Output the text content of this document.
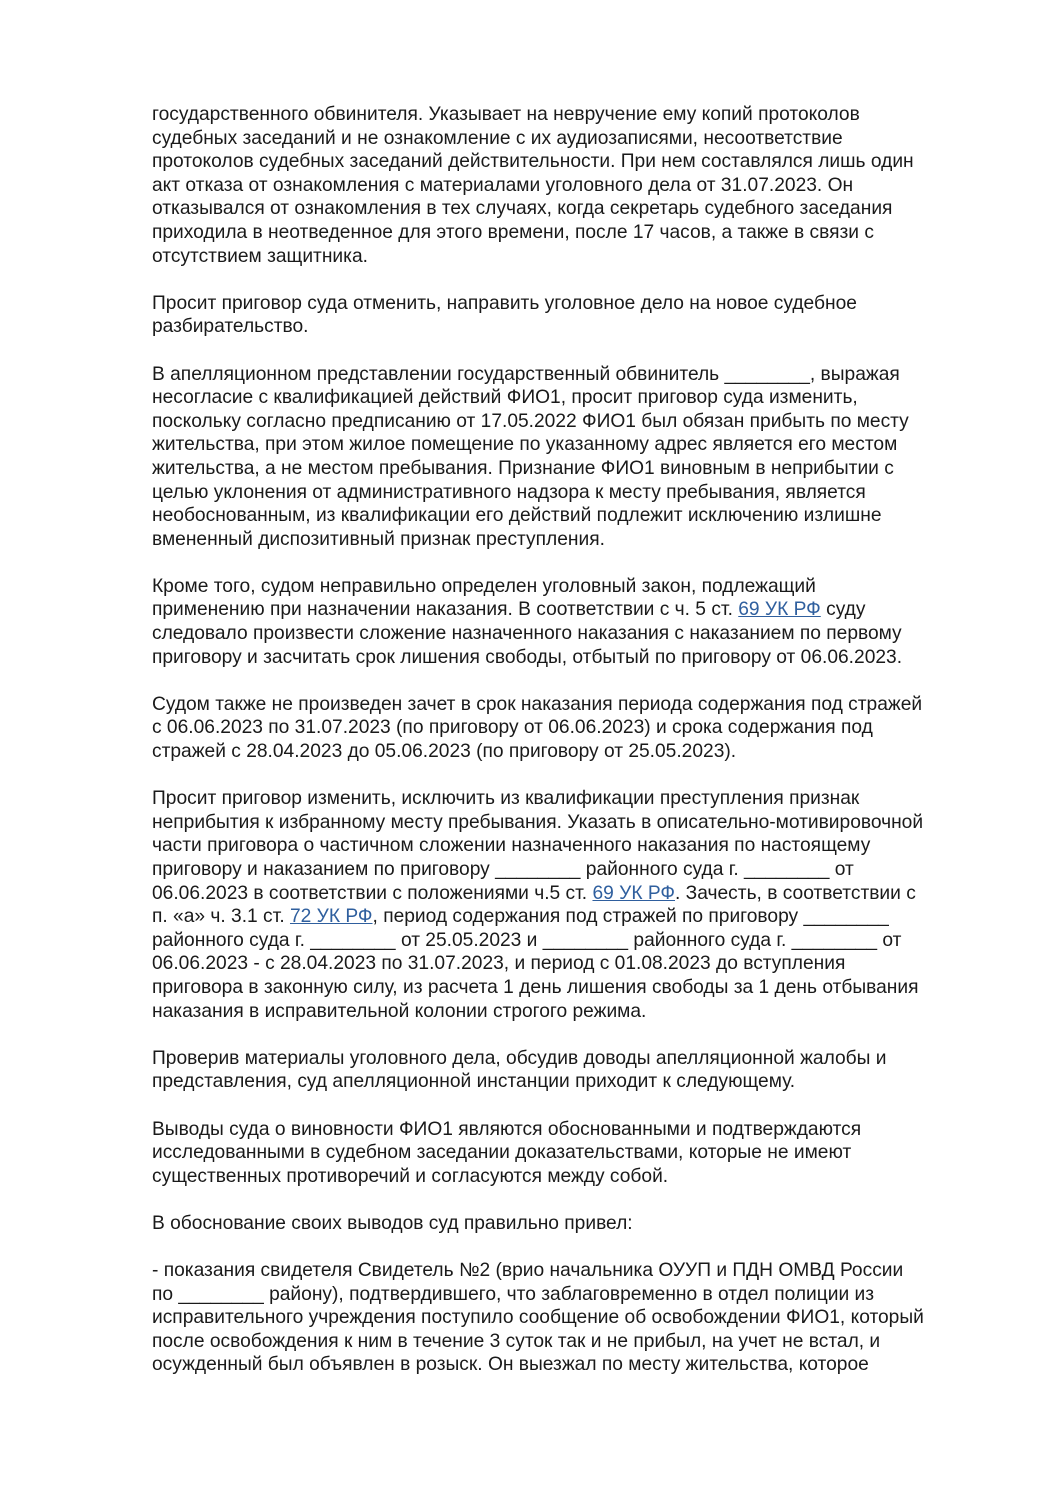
государственного обвинителя. Указывает на невручение ему копий протоколов
судебных заседаний и не ознакомление с их аудиозаписями, несоответствие
протоколов судебных заседаний действительности. При нем составлялся лишь один
акт отказа от ознакомления с материалами уголовного дела от 31.07.2023. Он
отказывался от ознакомления в тех случаях, когда секретарь судебного заседания
приходила в неотведенное для этого времени, после 17 часов, а также в связи с
отсутствием защитника.

Просит приговор суда отменить, направить уголовное дело на новое судебное
разбирательство.

В апелляционном представлении государственный обвинитель ________, выражая
несогласие с квалификацией действий ФИО1, просит приговор суда изменить,
поскольку согласно предписанию от 17.05.2022 ФИО1 был обязан прибыть по месту
жительства, при этом жилое помещение по указанному адрес является его местом
жительства, а не местом пребывания. Признание ФИО1 виновным в неприбытии с
целью уклонения от административного надзора к месту пребывания, является
необоснованным, из квалификации его действий подлежит исключению излишне
вмененный диспозитивный признак преступления.

Кроме того, судом неправильно определен уголовный закон, подлежащий
применению при назначении наказания. В соответствии с ч. 5 ст. 69 УК РФ суду
следовало произвести сложение назначенного наказания с наказанием по первому
приговору и засчитать срок лишения свободы, отбытый по приговору от 06.06.2023.

Судом также не произведен зачет в срок наказания периода содержания под стражей
с 06.06.2023 по 31.07.2023 (по приговору от 06.06.2023) и срока содержания под
стражей с 28.04.2023 до 05.06.2023 (по приговору от 25.05.2023).

Просит приговор изменить, исключить из квалификации преступления признак
неприбытия к избранному месту пребывания. Указать в описательно-мотивировочной
части приговора о частичном сложении назначенного наказания по настоящему
приговору и наказанием по приговору ________ районного суда г. ________ от
06.06.2023 в соответствии с положениями ч.5 ст. 69 УК РФ. Зачесть, в соответствии с
п. «а» ч. 3.1 ст. 72 УК РФ, период содержания под стражей по приговору ________
районного суда г. ________ от 25.05.2023 и ________ районного суда г. ________ от
06.06.2023 - с 28.04.2023 по 31.07.2023, и период с 01.08.2023 до вступления
приговора в законную силу, из расчета 1 день лишения свободы за 1 день отбывания
наказания в исправительной колонии строгого режима.

Проверив материалы уголовного дела, обсудив доводы апелляционной жалобы и
представления, суд апелляционной инстанции приходит к следующему.

Выводы суда о виновности ФИО1 являются обоснованными и подтверждаются
исследованными в судебном заседании доказательствами, которые не имеют
существенных противоречий и согласуются между собой.

В обоснование своих выводов суд правильно привел:

- показания свидетеля Свидетель №2 (врио начальника ОУУП и ПДН ОМВД России
по ________ району), подтвердившего, что заблаговременно в отдел полиции из
исправительного учреждения поступило сообщение об освобождении ФИО1, который
после освобождения к ним в течение 3 суток так и не прибыл, на учет не встал, и
осужденный был объявлен в розыск. Он выезжал по месту жительства, которое
